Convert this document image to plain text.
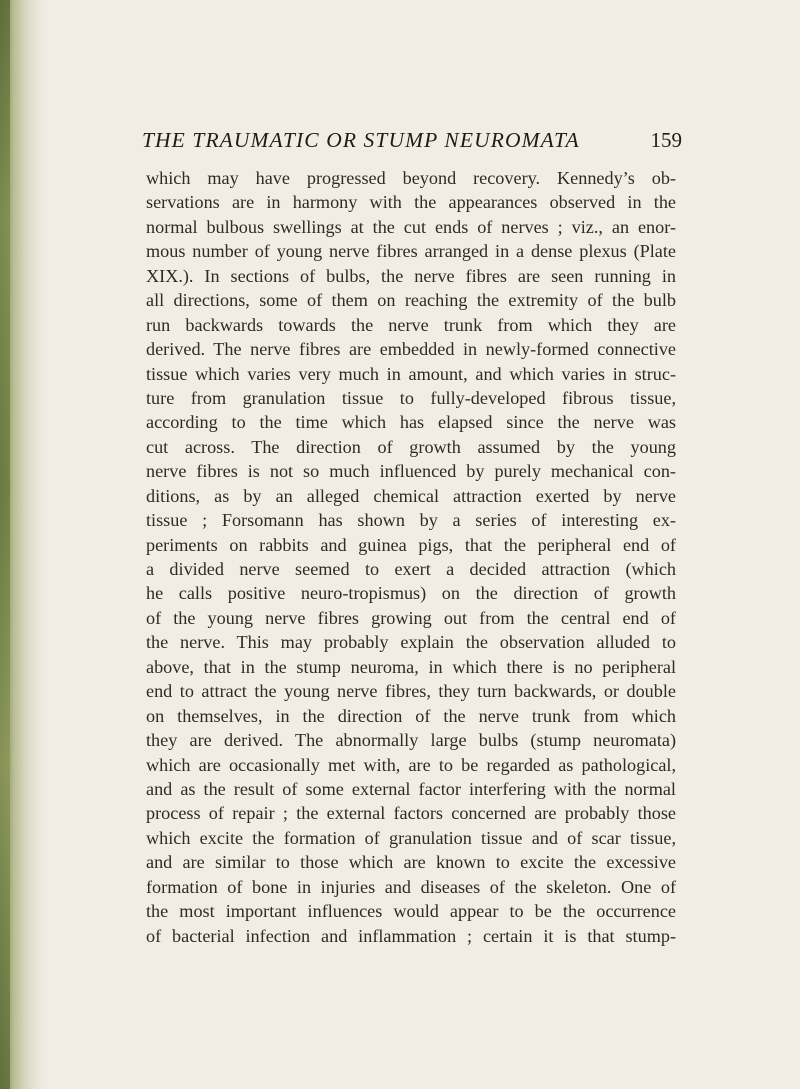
THE TRAUMATIC OR STUMP NEUROMATA	159
which may have progressed beyond recovery. Kennedy’s ob-
servations are in harmony with the appearances observed in the
normal bulbous swellings at the cut ends of nerves ; viz., an enor-
mous number of young nerve fibres arranged in a dense plexus (Plate
XIX.). In sections of bulbs, the nerve fibres are seen running in
all directions, some of them on reaching the extremity of the bulb
run backwards towards the nerve trunk from which they are
derived. The nerve fibres are embedded in newly-formed connective
tissue which varies very much in amount, and which varies in struc-
ture from granulation tissue to fully-developed fibrous tissue,
according to the time which has elapsed since the nerve was
cut across. The direction of growth assumed by the young
nerve fibres is not so much influenced by purely mechanical con-
ditions, as by an alleged chemical attraction exerted by nerve
tissue ; Forsomann has shown by a series of interesting ex-
periments on rabbits and guinea pigs, that the peripheral end of
a divided nerve seemed to exert a decided attraction (which
he calls positive neuro-tropismus) on the direction of growth
of the young nerve fibres growing out from the central end of
the nerve. This may probably explain the observation alluded to
above, that in the stump neuroma, in which there is no peripheral
end to attract the young nerve fibres, they turn backwards, or double
on themselves, in the direction of the nerve trunk from which
they are derived. The abnormally large bulbs (stump neuromata)
which are occasionally met with, are to be regarded as pathological,
and as the result of some external factor interfering with the normal
process of repair ; the external factors concerned are probably those
which excite the formation of granulation tissue and of scar tissue,
and are similar to those which are known to excite the excessive
formation of bone in injuries and diseases of the skeleton. One of
the most important influences would appear to be the occurrence
of bacterial infection and inflammation ; certain it is that stump-
